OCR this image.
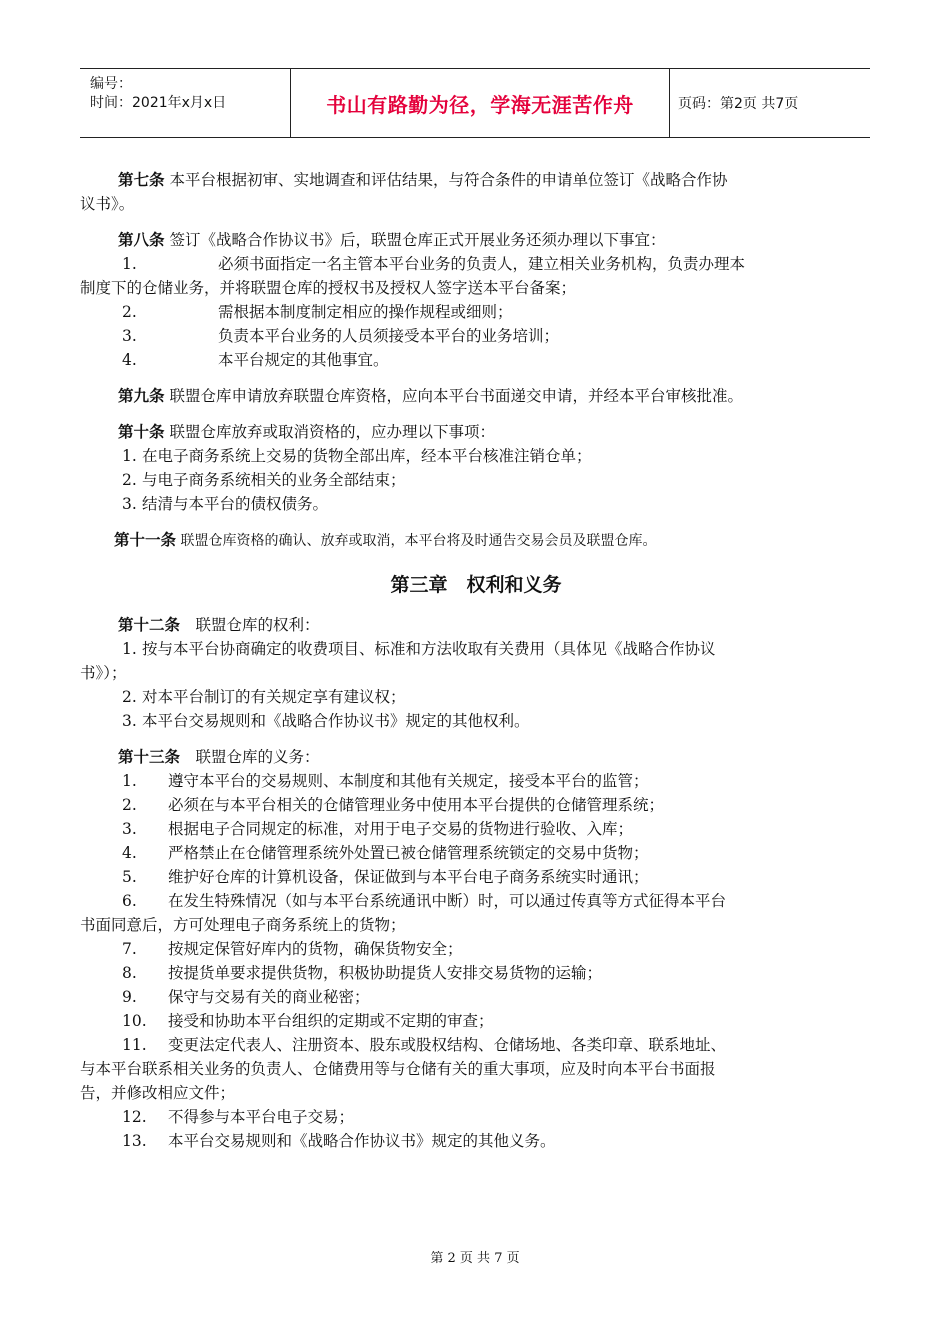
编号：
时间：2021年x月x日	书山有路勤为径，学海无涯苦作舟	页码：第2页 共7页

第七条 本平台根据初审、实地调查和评估结果，与符合条件的申请单位签订《战略合作协

议书》。

第八条 签订《战略合作协议书》后，联盟仓库正式开展业务还须办理以下事宜：

1.	必须书面指定一名主管本平台业务的负责人，建立相关业务机构，负责办理本

制度下的仓储业务，并将联盟仓库的授权书及授权人签字送本平台备案；

2.	需根据本制度制定相应的操作规程或细则；
3.	负责本平台业务的人员须接受本平台的业务培训；
4.	本平台规定的其他事宜。

第九条 联盟仓库申请放弃联盟仓库资格，应向本平台书面递交申请，并经本平台审核批准。

第十条 联盟仓库放弃或取消资格的，应办理以下事项：

1. 在电子商务系统上交易的货物全部出库，经本平台核准注销仓单；
2. 与电子商务系统相关的业务全部结束；
3. 结清与本平台的债权债务。

第十一条 联盟仓库资格的确认、放弃或取消，本平台将及时通告交易会员及联盟仓库。

第三章　权利和义务

第十二条　联盟仓库的权利：

1. 按与本平台协商确定的收费项目、标准和方法收取有关费用（具体见《战略合作协议

书》）；

2. 对本平台制订的有关规定享有建议权；
3. 本平台交易规则和《战略合作协议书》规定的其他权利。

第十三条　联盟仓库的义务：

1.	遵守本平台的交易规则、本制度和其他有关规定，接受本平台的监管；
2.	必须在与本平台相关的仓储管理业务中使用本平台提供的仓储管理系统；
3.	根据电子合同规定的标准，对用于电子交易的货物进行验收、入库；
4.	严格禁止在仓储管理系统外处置已被仓储管理系统锁定的交易中货物；
5.	维护好仓库的计算机设备，保证做到与本平台电子商务系统实时通讯；
6.	在发生特殊情况（如与本平台系统通讯中断）时，可以通过传真等方式征得本平台

书面同意后，方可处理电子商务系统上的货物；

7.	按规定保管好库内的货物，确保货物安全；
8.	按提货单要求提供货物，积极协助提货人安排交易货物的运输；
9.	保守与交易有关的商业秘密；
10.	接受和协助本平台组织的定期或不定期的审查；
11.	变更法定代表人、注册资本、股东或股权结构、仓储场地、各类印章、联系地址、

与本平台联系相关业务的负责人、仓储费用等与仓储有关的重大事项，应及时向本平台书面报

告，并修改相应文件；

12.	不得参与本平台电子交易；
13.	本平台交易规则和《战略合作协议书》规定的其他义务。
第 2 页 共 7 页
